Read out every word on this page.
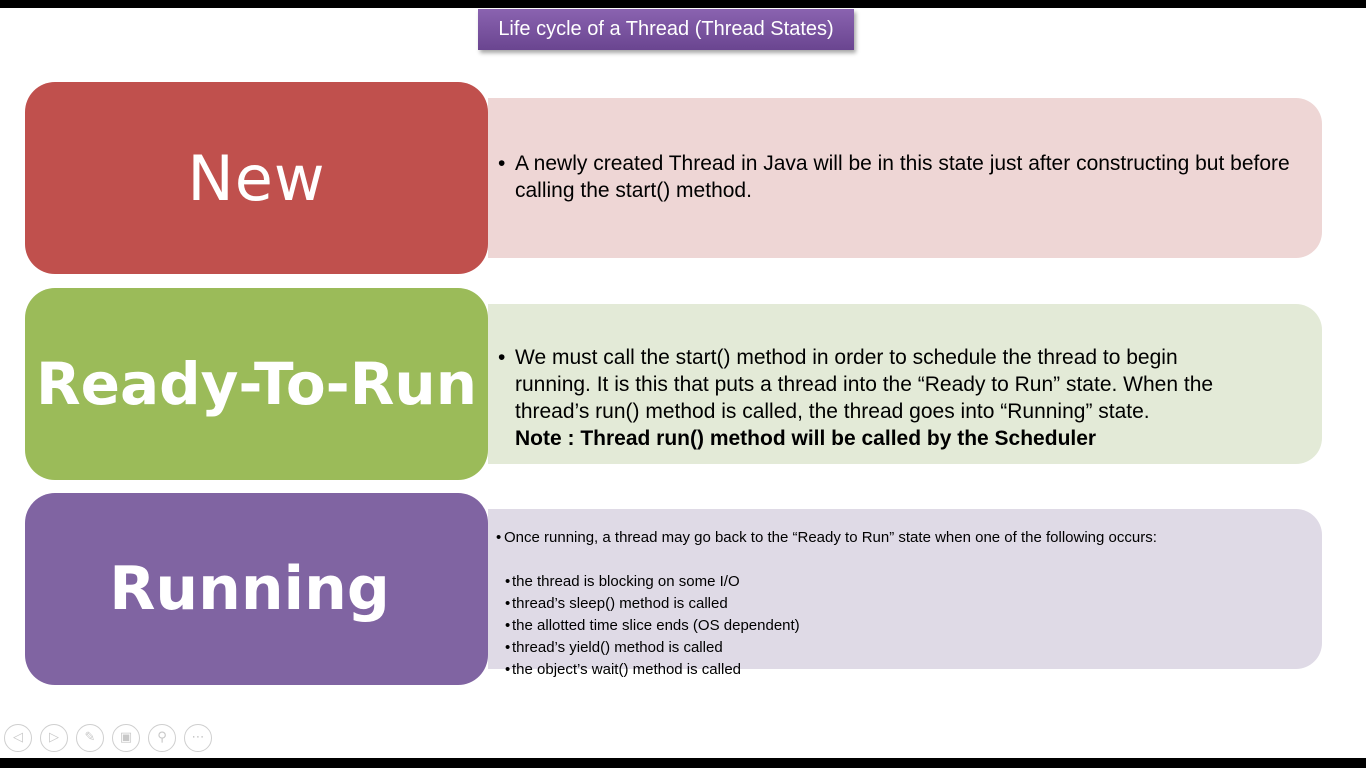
Life cycle of a Thread (Thread States)
New	• A newly created Thread in Java will be in this state just after constructing but before calling the start() method.
Ready-To-Run • We must call the start() method in order to schedule the thread to begin
running. It is this that puts a thread into the “Ready to Run” state. When the
thread’s run() method is called, the thread goes into “Running” state.
Note : Thread run() method will be called by the Scheduler
Running
• Once running, a thread may go back to the “Ready to Run” state when one of the following occurs:
• the thread is blocking on some I/O
• thread’s sleep() method is called
• the allotted time slice ends (OS dependent)
• thread’s yield() method is called
• the object’s wait() method is called
◁	▷	✎	▣	⚲	⋯
